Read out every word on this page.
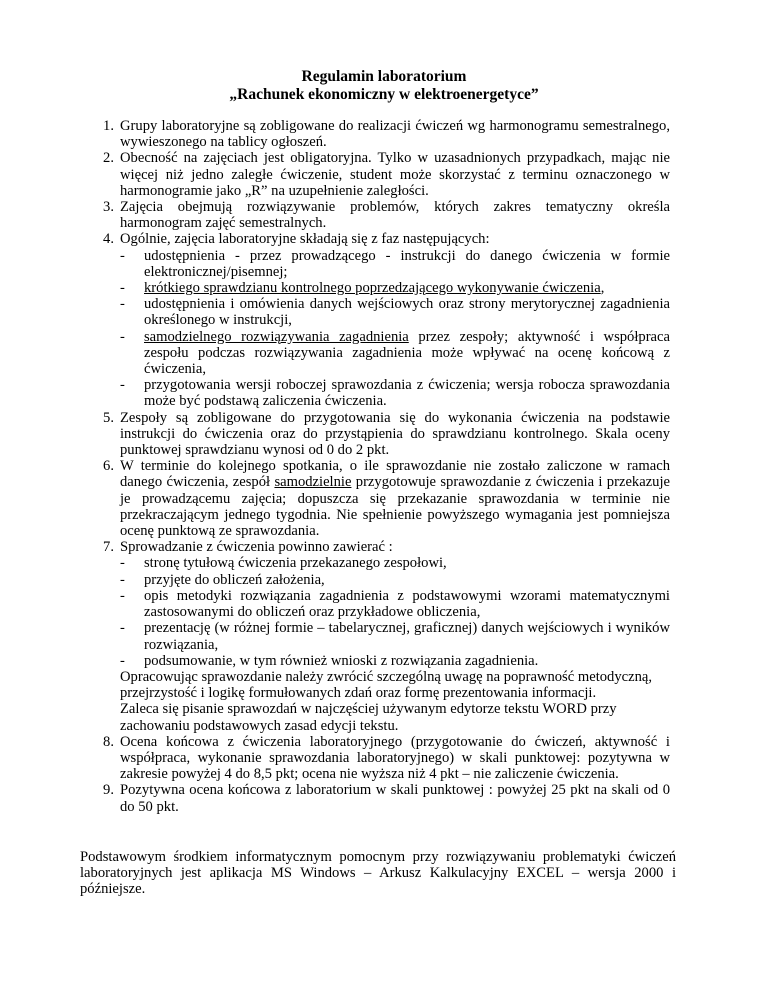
Regulamin laboratorium
„Rachunek ekonomiczny w elektroenergetyce”
1. Grupy laboratoryjne są zobligowane do realizacji ćwiczeń wg harmonogramu semestralnego, wywieszonego na tablicy ogłoszeń.
2. Obecność na zajęciach jest obligatoryjna. Tylko w uzasadnionych przypadkach, mając nie więcej niż jedno zaległe ćwiczenie, student może skorzystać z terminu oznaczonego w harmonogramie jako „R” na uzupełnienie zaległości.
3. Zajęcia obejmują rozwiązywanie problemów, których zakres tematyczny określa harmonogram zajęć semestralnych.
4. Ogólnie, zajęcia laboratoryjne składają się z faz następujących:
- udostępnienia - przez prowadzącego - instrukcji do danego ćwiczenia w formie elektronicznej/pisemnej;
- krótkiego sprawdzianu kontrolnego poprzedzającego wykonywanie ćwiczenia,
- udostępnienia i omówienia danych wejściowych oraz strony merytorycznej zagadnienia określonego w instrukcji,
- samodzielnego rozwiązywania zagadnienia przez zespoły; aktywność i współpraca zespołu podczas rozwiązywania zagadnienia może wpływać na ocenę końcową z ćwiczenia,
- przygotowania wersji roboczej sprawozdania z ćwiczenia; wersja robocza sprawozdania może być podstawą zaliczenia ćwiczenia.
5. Zespoły są zobligowane do przygotowania się do wykonania ćwiczenia na podstawie instrukcji do ćwiczenia oraz do przystąpienia do sprawdzianu kontrolnego. Skala oceny punktowej sprawdzianu wynosi od 0 do 2 pkt.
6. W terminie do kolejnego spotkania, o ile sprawozdanie nie zostało zaliczone w ramach danego ćwiczenia, zespół samodzielnie przygotowuje sprawozdanie z ćwiczenia i przekazuje je prowadzącemu zajęcia; dopuszcza się przekazanie sprawozdania w terminie nie przekraczającym jednego tygodnia. Nie spełnienie powyższego wymagania jest pomniejsza ocenę punktową ze sprawozdania.
7. Sprowadzanie z ćwiczenia powinno zawierać :
- stronę tytułową ćwiczenia przekazanego zespołowi,
- przyjęte do obliczeń założenia,
- opis metodyki rozwiązania zagadnienia z podstawowymi wzorami matematycznymi zastosowanymi do obliczeń oraz przykładowe obliczenia,
- prezentację (w różnej formie – tabelarycznej, graficznej) danych wejściowych i wyników rozwiązania,
- podsumowanie, w tym również wnioski z rozwiązania zagadnienia.
Opracowując sprawozdanie należy zwrócić szczególną uwagę na poprawność metodyczną, przejrzystość i logikę formułowanych zdań oraz formę prezentowania informacji.
Zaleca się pisanie sprawozdań w najczęściej używanym edytorze tekstu WORD przy zachowaniu podstawowych zasad edycji tekstu.
8. Ocena końcowa z ćwiczenia laboratoryjnego (przygotowanie do ćwiczeń, aktywność i współpraca, wykonanie sprawozdania laboratoryjnego) w skali punktowej: pozytywna w zakresie powyżej 4 do 8,5 pkt; ocena nie wyższa niż 4 pkt – nie zaliczenie ćwiczenia.
9. Pozytywna ocena końcowa z laboratorium w skali punktowej : powyżej 25 pkt na skali od 0 do 50 pkt.

Podstawowym środkiem informatycznym pomocnym przy rozwiązywaniu problematyki ćwiczeń laboratoryjnych jest aplikacja MS Windows – Arkusz Kalkulacyjny EXCEL – wersja 2000 i późniejsze.
